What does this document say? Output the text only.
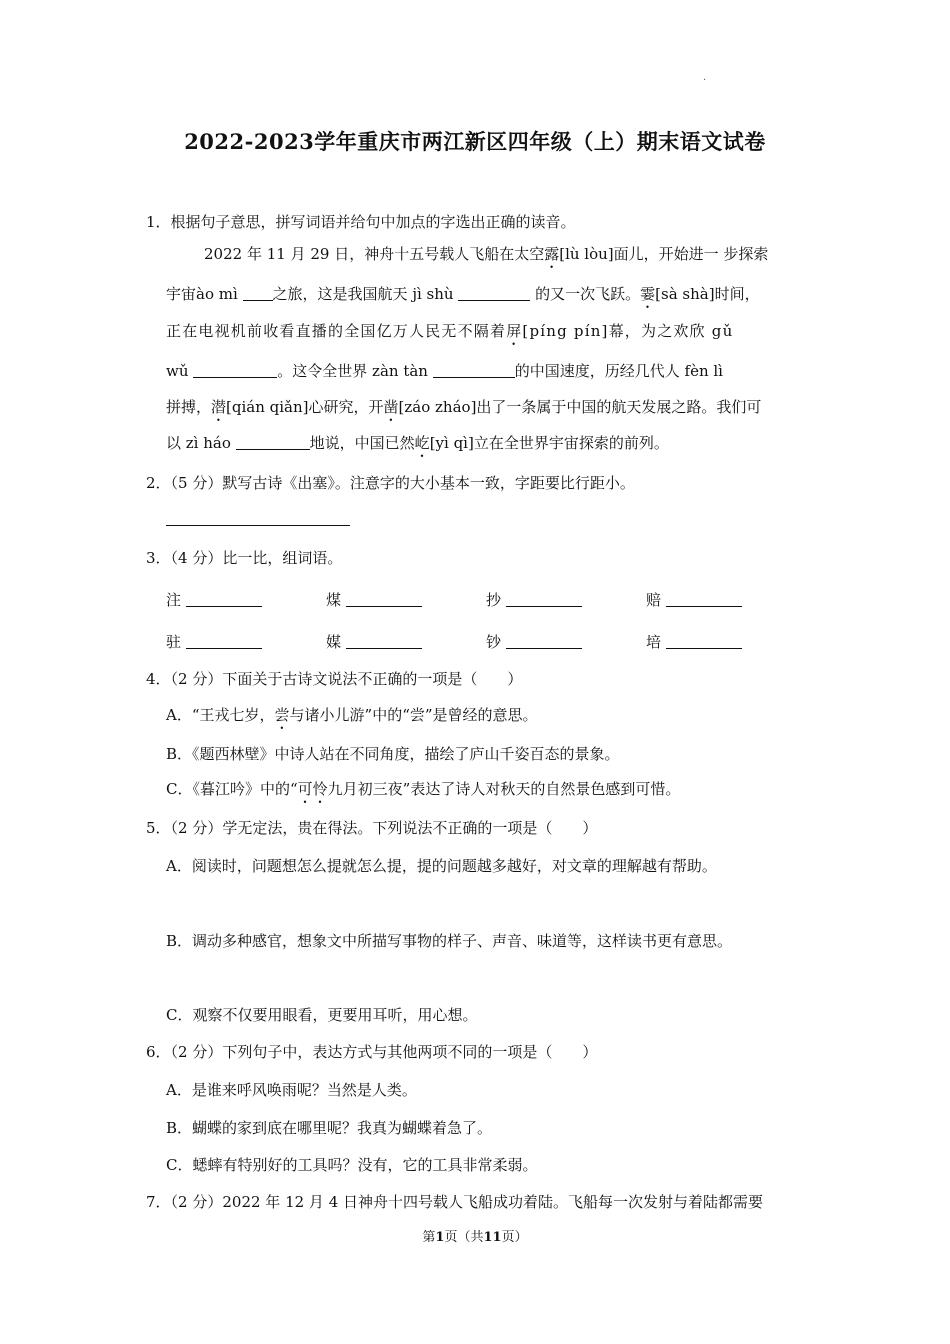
.
2022-2023学年重庆市两江新区四年级（上）期末语文试卷
1．根据句子意思，拼写词语并给句中加点的字选出正确的读音。
2022 年 11 月 29 日，神舟十五号载人飞船在太空露[lù lòu]面儿，开始进一 步探索
宇宙ào mì 之旅，这是我国航天 jì shù	的又一次飞跃。霎[sà shà]时间，
正在电视机前收看直播的全国亿万人民无不隔着屏[píng pín]幕，为之欢欣 gǔ
wǔ	。这令全世界 zàn tàn	的中国速度，历经几代人 fèn lì
拼搏，潜[qián qiǎn]心研究，开凿[záo zháo]出了一条属于中国的航天发展之路。我们可
以 zì háo	地说，中国已然屹[yì qì]立在全世界宇宙探索的前列。
2．（5 分）默写古诗《出塞》。注意字的大小基本一致，字距要比行距小。
3．（4 分）比一比，组词语。
注	煤	抄	赔
驻	媒	钞	培
4．（2 分）下面关于古诗文说法不正确的一项是（　　）
A．“王戎七岁，尝与诸小儿游”中的“尝”是曾经的意思。
B．《题西林壁》中诗人站在不同角度，描绘了庐山千姿百态的景象。
C．《暮江吟》中的“可怜九月初三夜”表达了诗人对秋天的自然景色感到可惜。
5．（2 分）学无定法，贵在得法。下列说法不正确的一项是（　　）
A．阅读时，问题想怎么提就怎么提，提的问题越多越好，对文章的理解越有帮助。
B．调动多种感官，想象文中所描写事物的样子、声音、味道等，这样读书更有意思。
C．观察不仅要用眼看，更要用耳听，用心想。
6．（2 分）下列句子中，表达方式与其他两项不同的一项是（　　）
A．是谁来呼风唤雨呢？当然是人类。
B．蝴蝶的家到底在哪里呢？我真为蝴蝶着急了。
C．蟋蟀有特别好的工具吗？没有，它的工具非常柔弱。
7．（2 分）2022 年 12 月 4 日神舟十四号载人飞船成功着陆。飞船每一次发射与着陆都需要
第1页（共11页）
